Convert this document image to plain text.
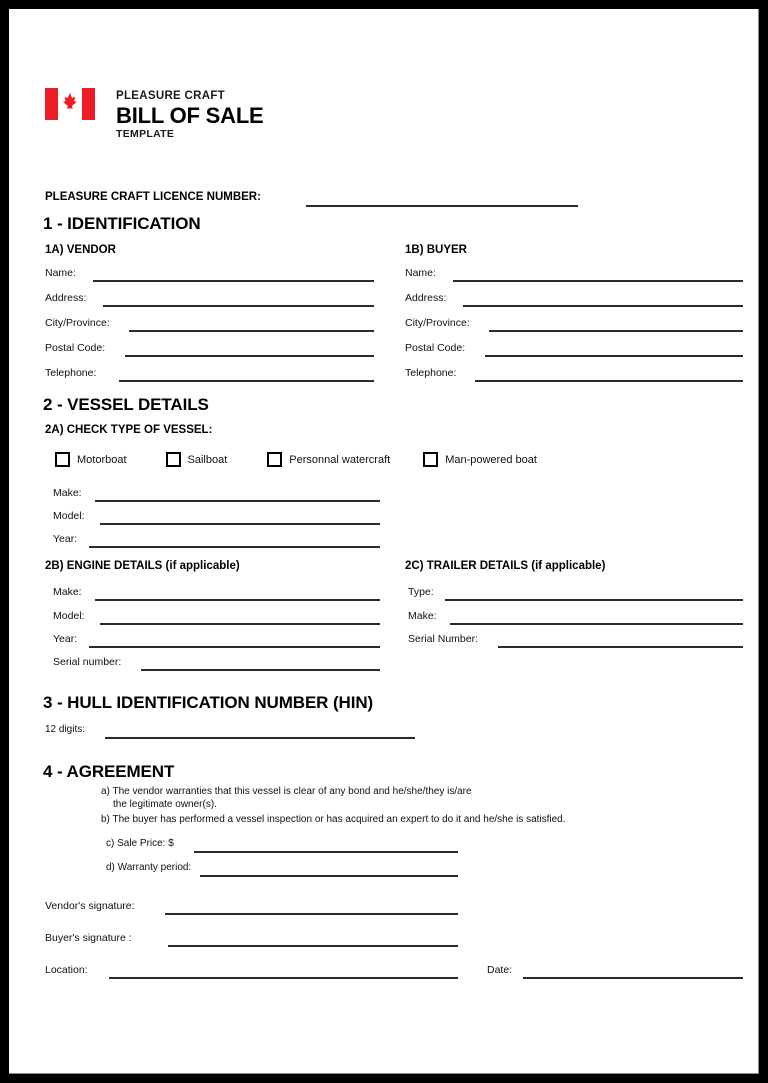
PLEASURE CRAFT
BILL OF SALE
TEMPLATE
PLEASURE CRAFT LICENCE NUMBER:
1 - IDENTIFICATION
1A) VENDOR	1B) BUYER
Name:
Address:
City/Province:
Postal Code:
Telephone:
Name:
Address:
City/Province:
Postal Code:
Telephone:
2 - VESSEL DETAILS
2A) CHECK TYPE OF VESSEL:
Motorboat	Sailboat	Personnal watercraft	Man-powered boat
Make:
Model:
Year:
2B) ENGINE DETAILS (if applicable)
Make:
Model:
Year:
Serial number:
2C) TRAILER DETAILS (if applicable)
Type:
Make:
Serial Number:
3 - HULL IDENTIFICATION NUMBER (HIN)
12 digits:
4 - AGREEMENT
a) The vendor warranties that this vessel is clear of any bond and he/she/they is/are
the legitimate owner(s).
b) The buyer has performed a vessel inspection or has acquired an expert to do it and he/she is satisfied.
c) Sale Price: $
d) Warranty period:
Vendor's signature:
Buyer's signature :
Location:	Date:
